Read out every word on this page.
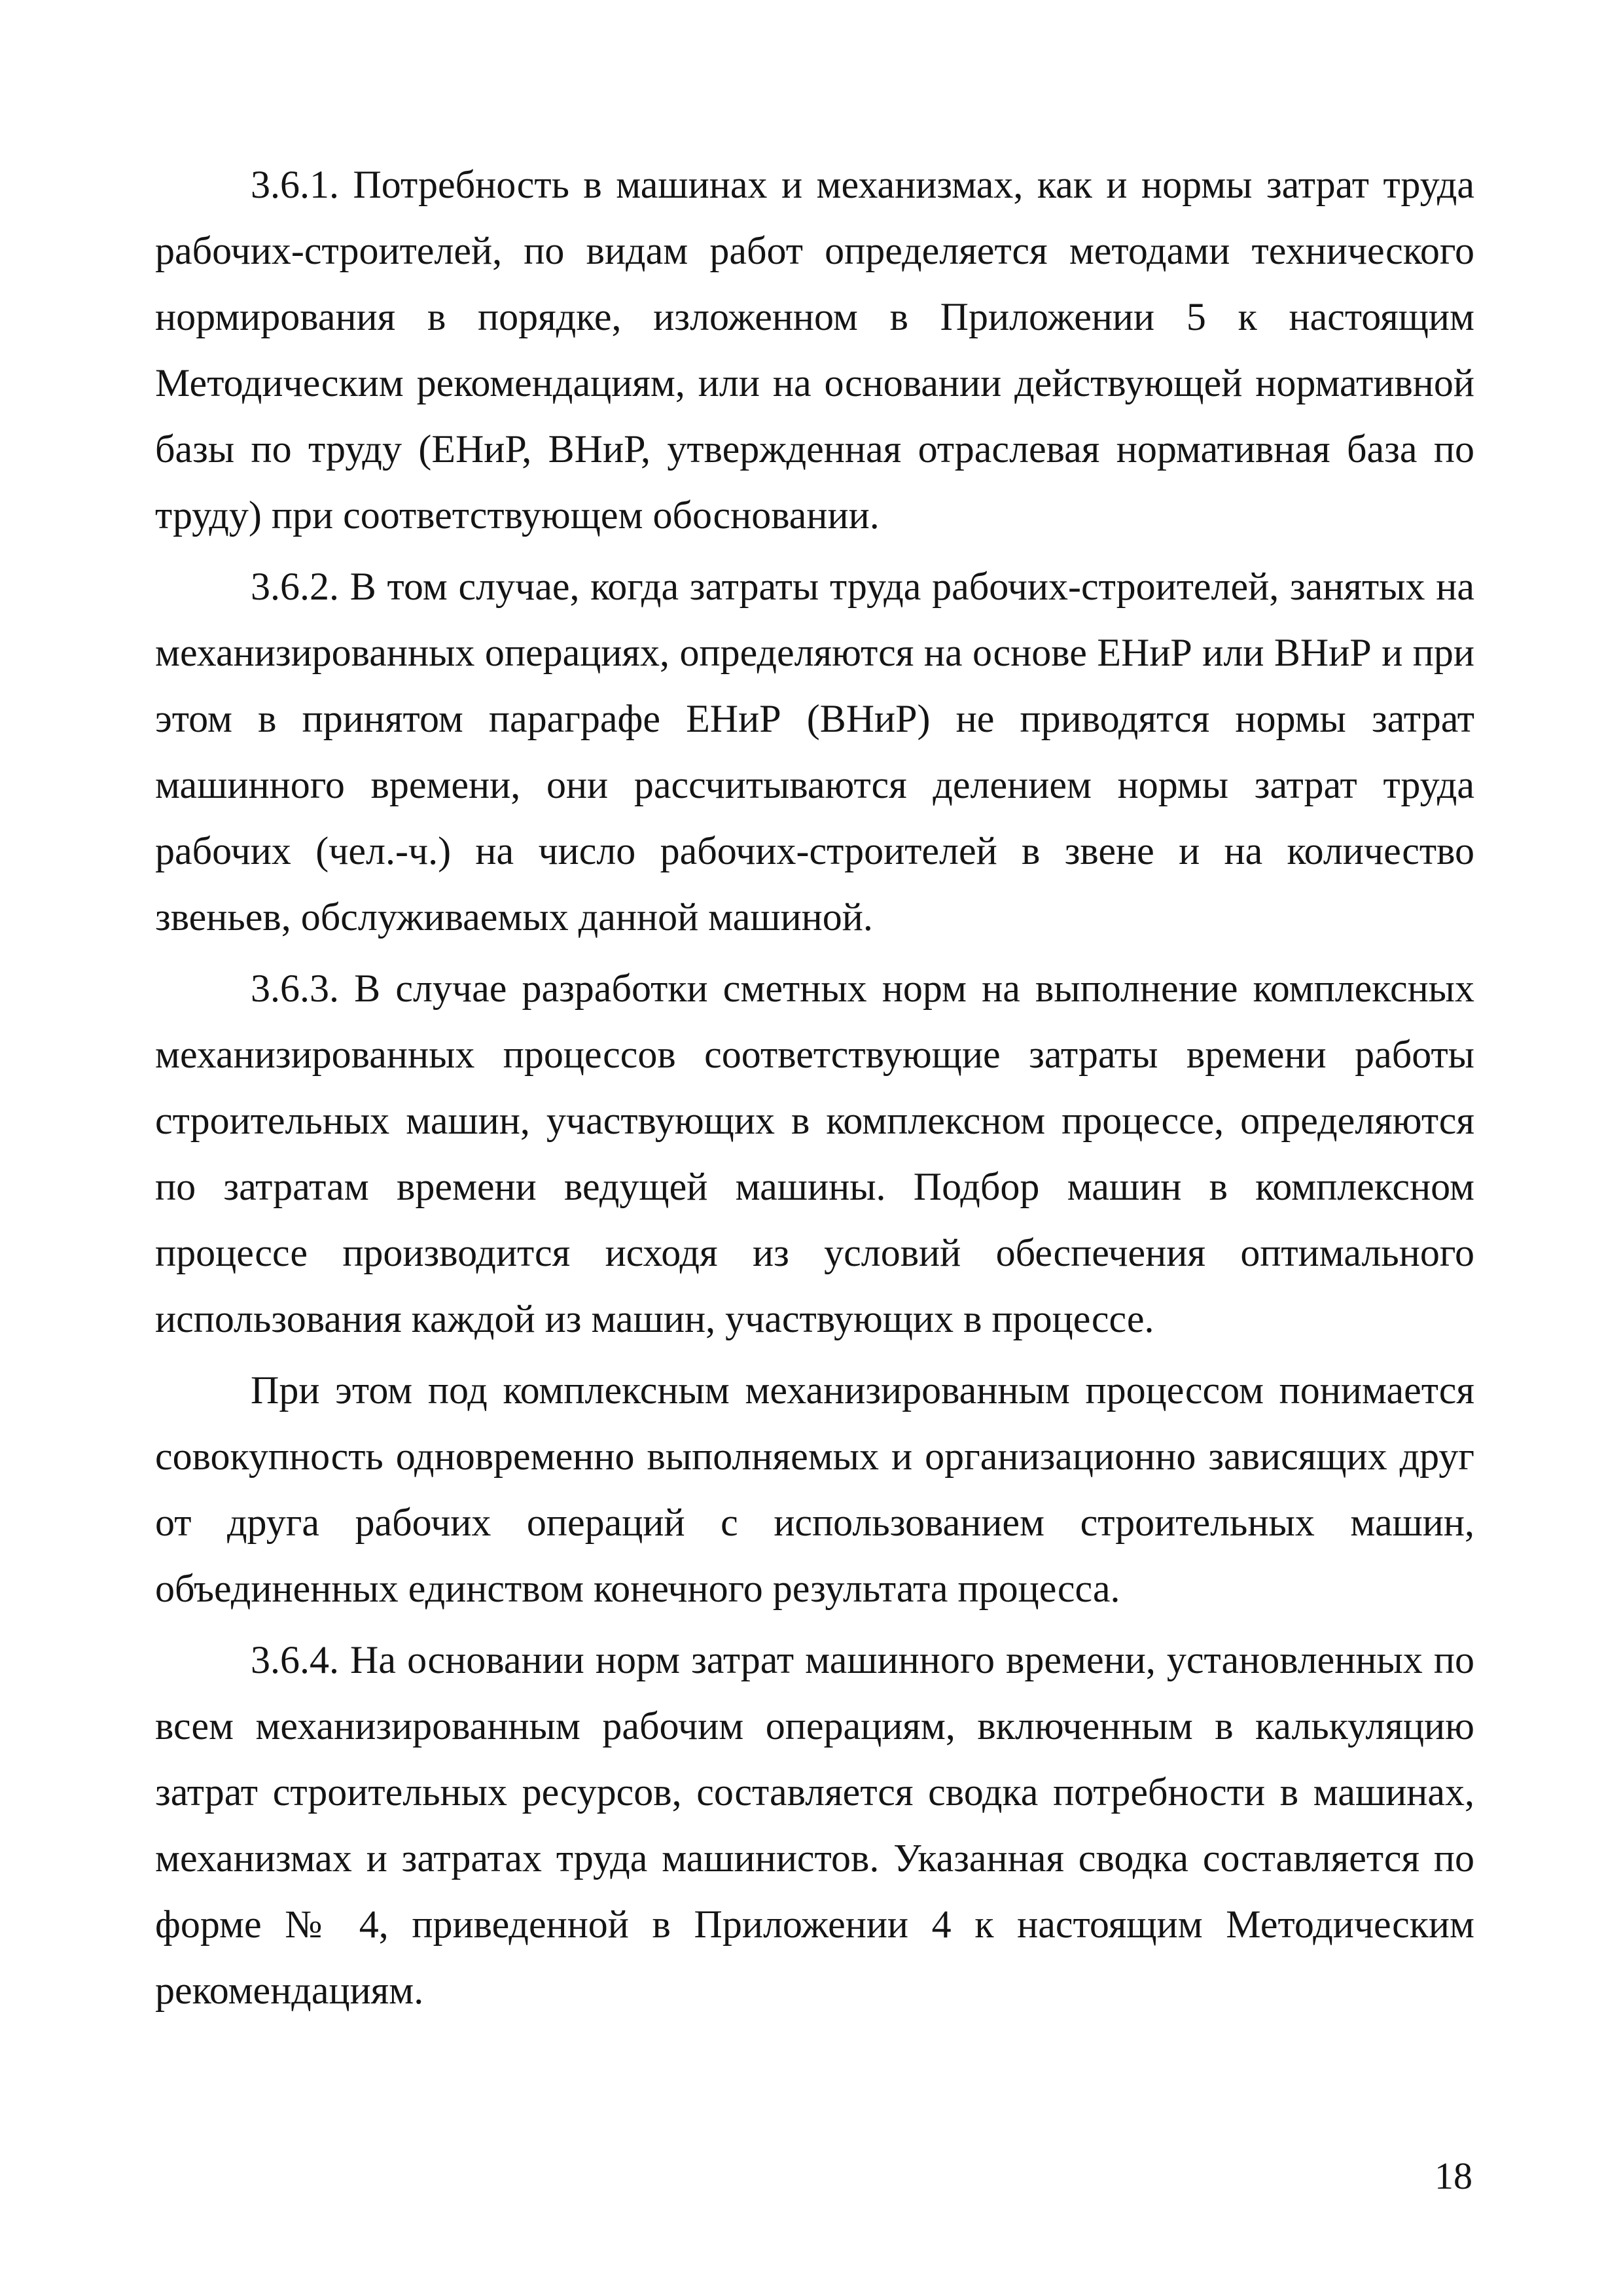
3.6.1. Потребность в машинах и механизмах, как и нормы затрат труда рабочих-строителей, по видам работ определяется методами технического нормирования в порядке, изложенном в Приложении 5 к настоящим Методическим рекомендациям, или на основании действующей нормативной базы по труду (ЕНиР, ВНиР, утвержденная отраслевая нормативная база по труду) при соответствующем обосновании.

3.6.2. В том случае, когда затраты труда рабочих-строителей, занятых на механизированных операциях, определяются на основе ЕНиР или ВНиР и при этом в принятом параграфе ЕНиР (ВНиР) не приводятся нормы затрат машинного времени, они рассчитываются делением нормы затрат труда рабочих (чел.-ч.) на число рабочих-строителей в звене и на количество звеньев, обслуживаемых данной машиной.

3.6.3. В случае разработки сметных норм на выполнение комплексных механизированных процессов соответствующие затраты времени работы строительных машин, участвующих в комплексном процессе, определяются по затратам времени ведущей машины. Подбор машин в комплексном процессе производится исходя из условий обеспечения оптимального использования каждой из машин, участвующих в процессе.

При этом под комплексным механизированным процессом понимается совокупность одновременно выполняемых и организационно зависящих друг от друга рабочих операций с использованием строительных машин, объединенных единством конечного результата процесса.

3.6.4. На основании норм затрат машинного времени, установленных по всем механизированным рабочим операциям, включенным в калькуляцию затрат строительных ресурсов, составляется сводка потребности в машинах, механизмах и затратах труда машинистов. Указанная сводка составляется по форме № 4, приведенной в Приложении 4 к настоящим Методическим рекомендациям.

18
